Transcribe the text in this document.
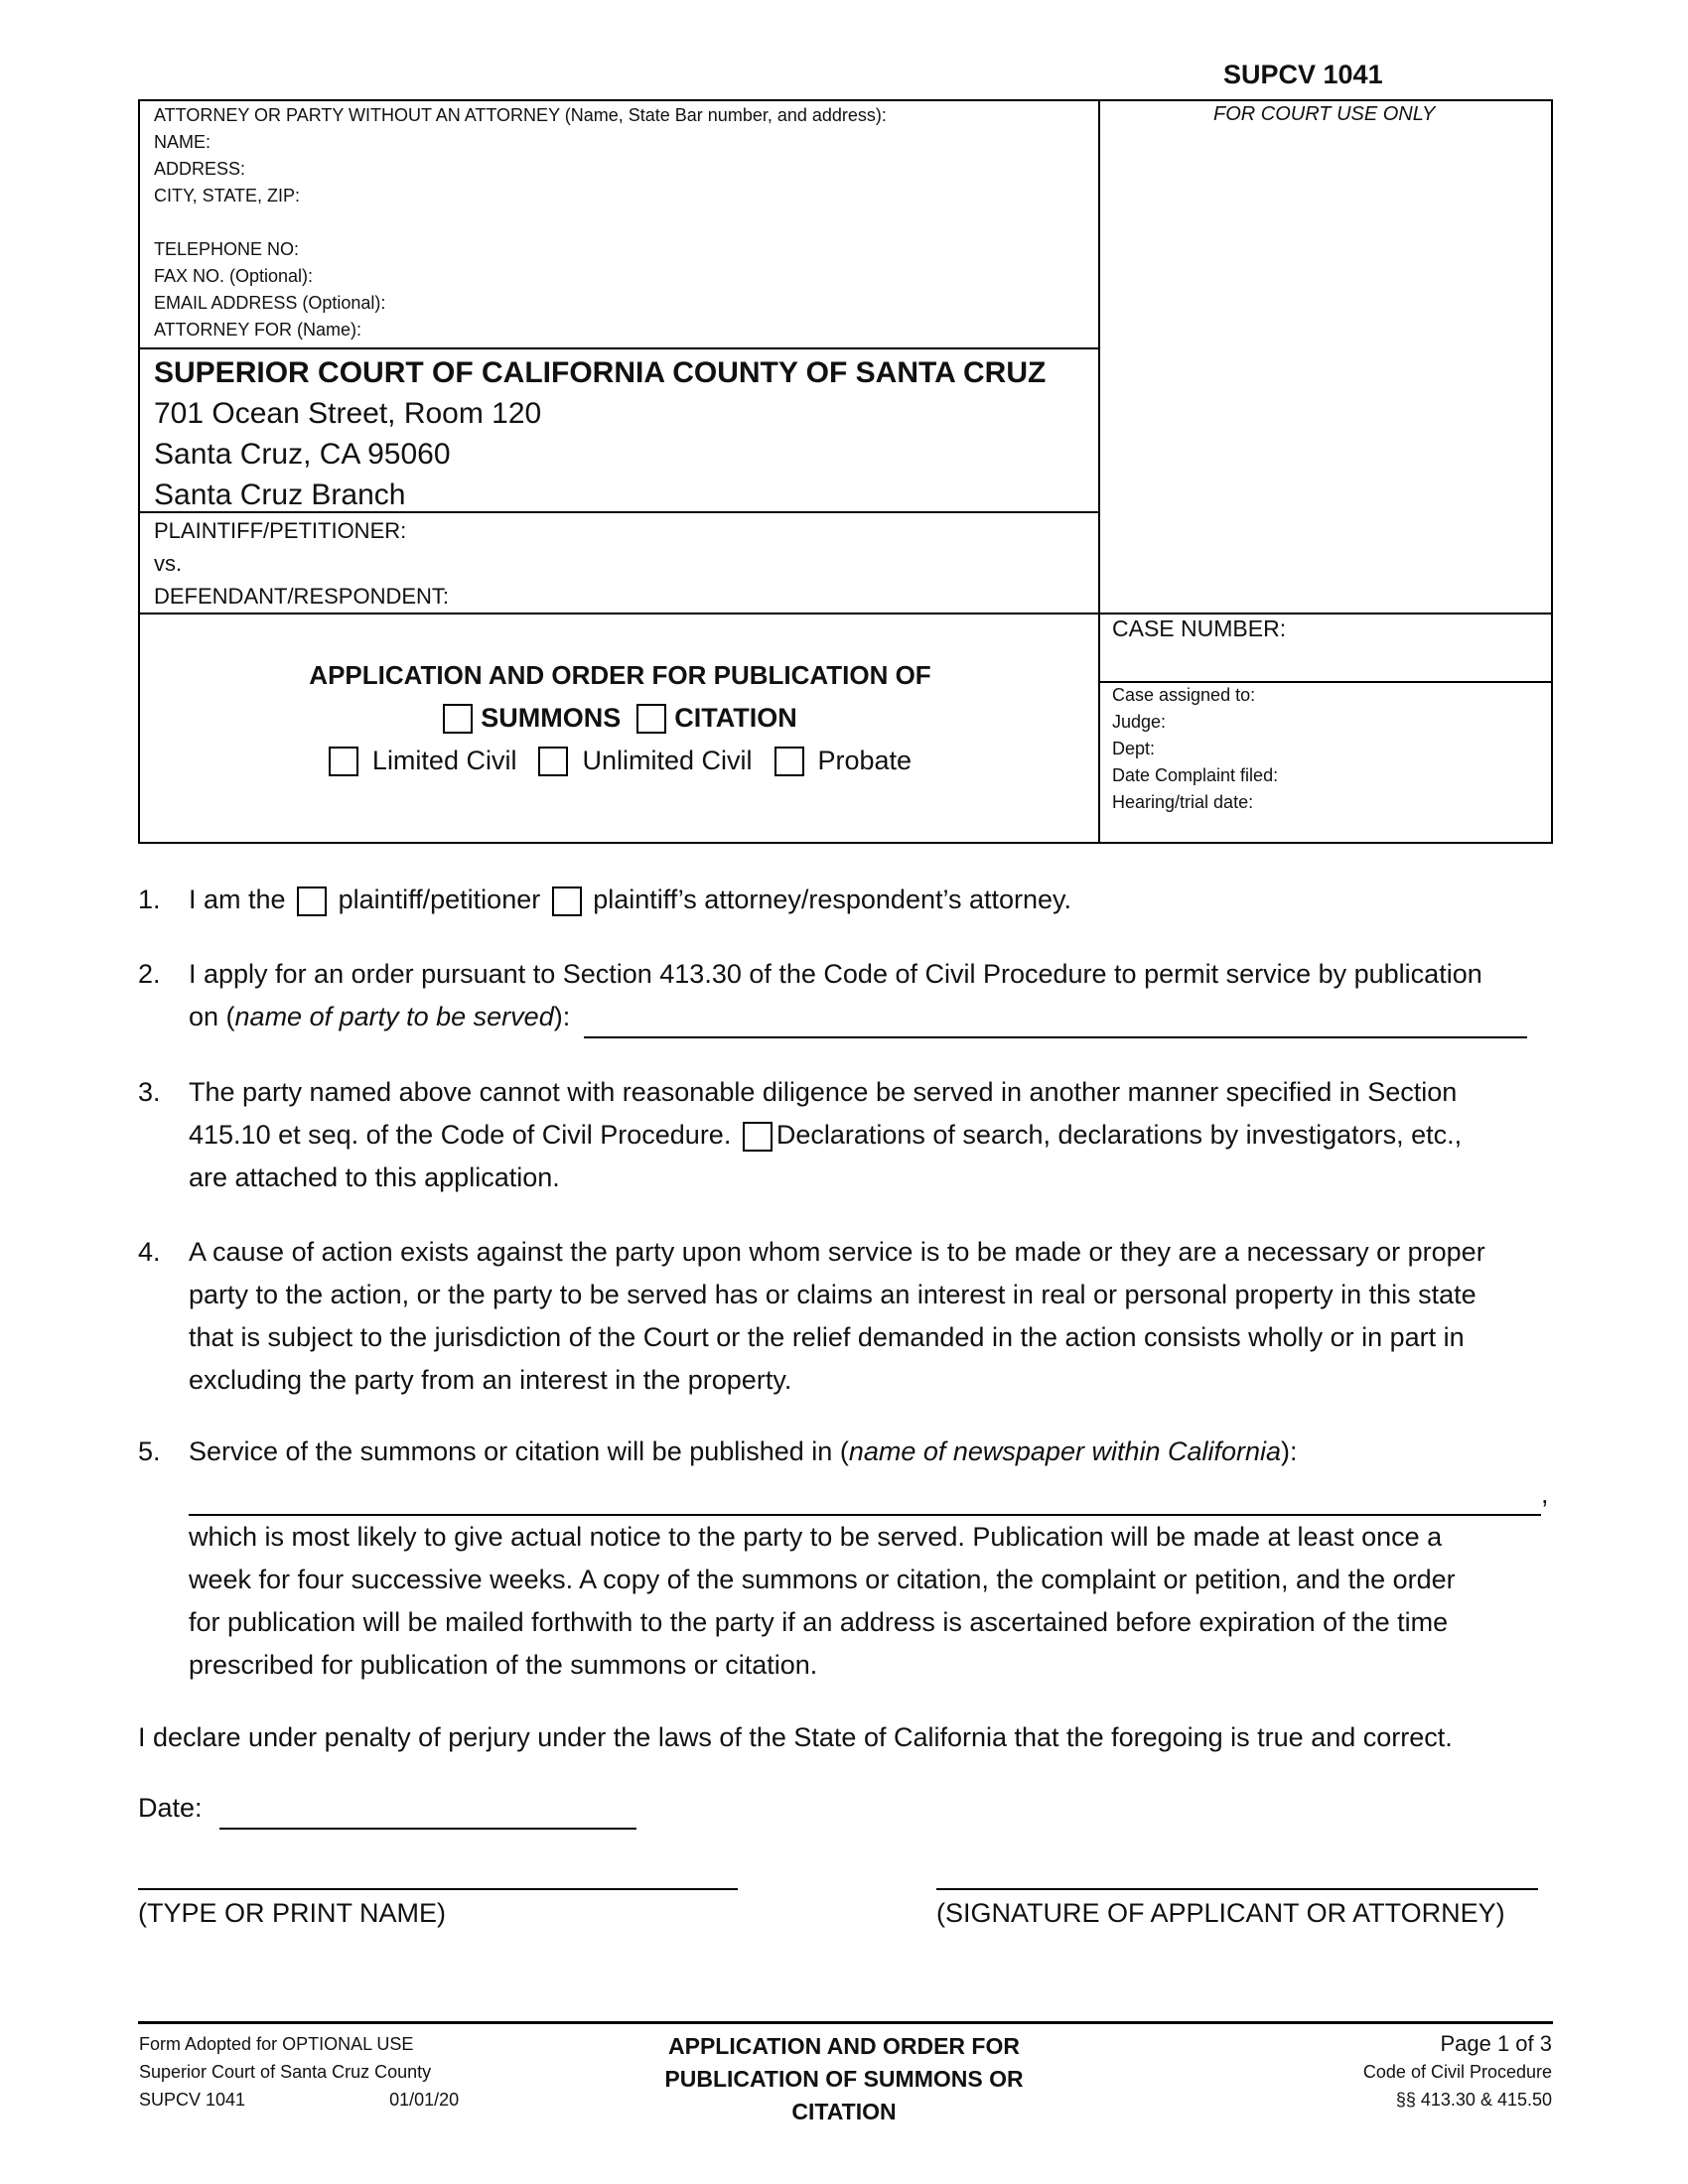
SUPCV 1041
ATTORNEY OR PARTY WITHOUT AN ATTORNEY (Name, State Bar number, and address):
NAME:
ADDRESS:
CITY, STATE, ZIP:
TELEPHONE NO:
FAX NO. (Optional):
EMAIL ADDRESS (Optional):
ATTORNEY FOR (Name):
FOR COURT USE ONLY
SUPERIOR COURT OF CALIFORNIA COUNTY OF SANTA CRUZ
701 Ocean Street, Room 120
Santa Cruz, CA 95060
Santa Cruz Branch
PLAINTIFF/PETITIONER:
vs.
DEFENDANT/RESPONDENT:
CASE NUMBER:
Case assigned to:
Judge:
Dept:
Date Complaint filed:
Hearing/trial date:
APPLICATION AND ORDER FOR PUBLICATION OF
SUMMONS CITATION
Limited Civil Unlimited Civil Probate
1.	I am the plaintiff/petitioner plaintiff’s attorney/respondent’s attorney.
2.	I apply for an order pursuant to Section 413.30 of the Code of Civil Procedure to permit service by publication
on (name of party to be served):
3.	The party named above cannot with reasonable diligence be served in another manner specified in Section
415.10 et seq. of the Code of Civil Procedure. Declarations of search, declarations by investigators, etc.,
are attached to this application.
4.	A cause of action exists against the party upon whom service is to be made or they are a necessary or proper
party to the action, or the party to be served has or claims an interest in real or personal property in this state
that is subject to the jurisdiction of the Court or the relief demanded in the action consists wholly or in part in
excluding the party from an interest in the property.
5.	Service of the summons or citation will be published in (name of newspaper within California):
,
which is most likely to give actual notice to the party to be served. Publication will be made at least once a
week for four successive weeks. A copy of the summons or citation, the complaint or petition, and the order
for publication will be mailed forthwith to the party if an address is ascertained before expiration of the time
prescribed for publication of the summons or citation.
I declare under penalty of perjury under the laws of the State of California that the foregoing is true and correct.
Date:
(TYPE OR PRINT NAME)	(SIGNATURE OF APPLICANT OR ATTORNEY)
Form Adopted for OPTIONAL USE
Superior Court of Santa Cruz County
SUPCV 1041	01/01/20
APPLICATION AND ORDER FOR
PUBLICATION OF SUMMONS OR
CITATION
Page 1 of 3
Code of Civil Procedure
§§ 413.30 & 415.50
